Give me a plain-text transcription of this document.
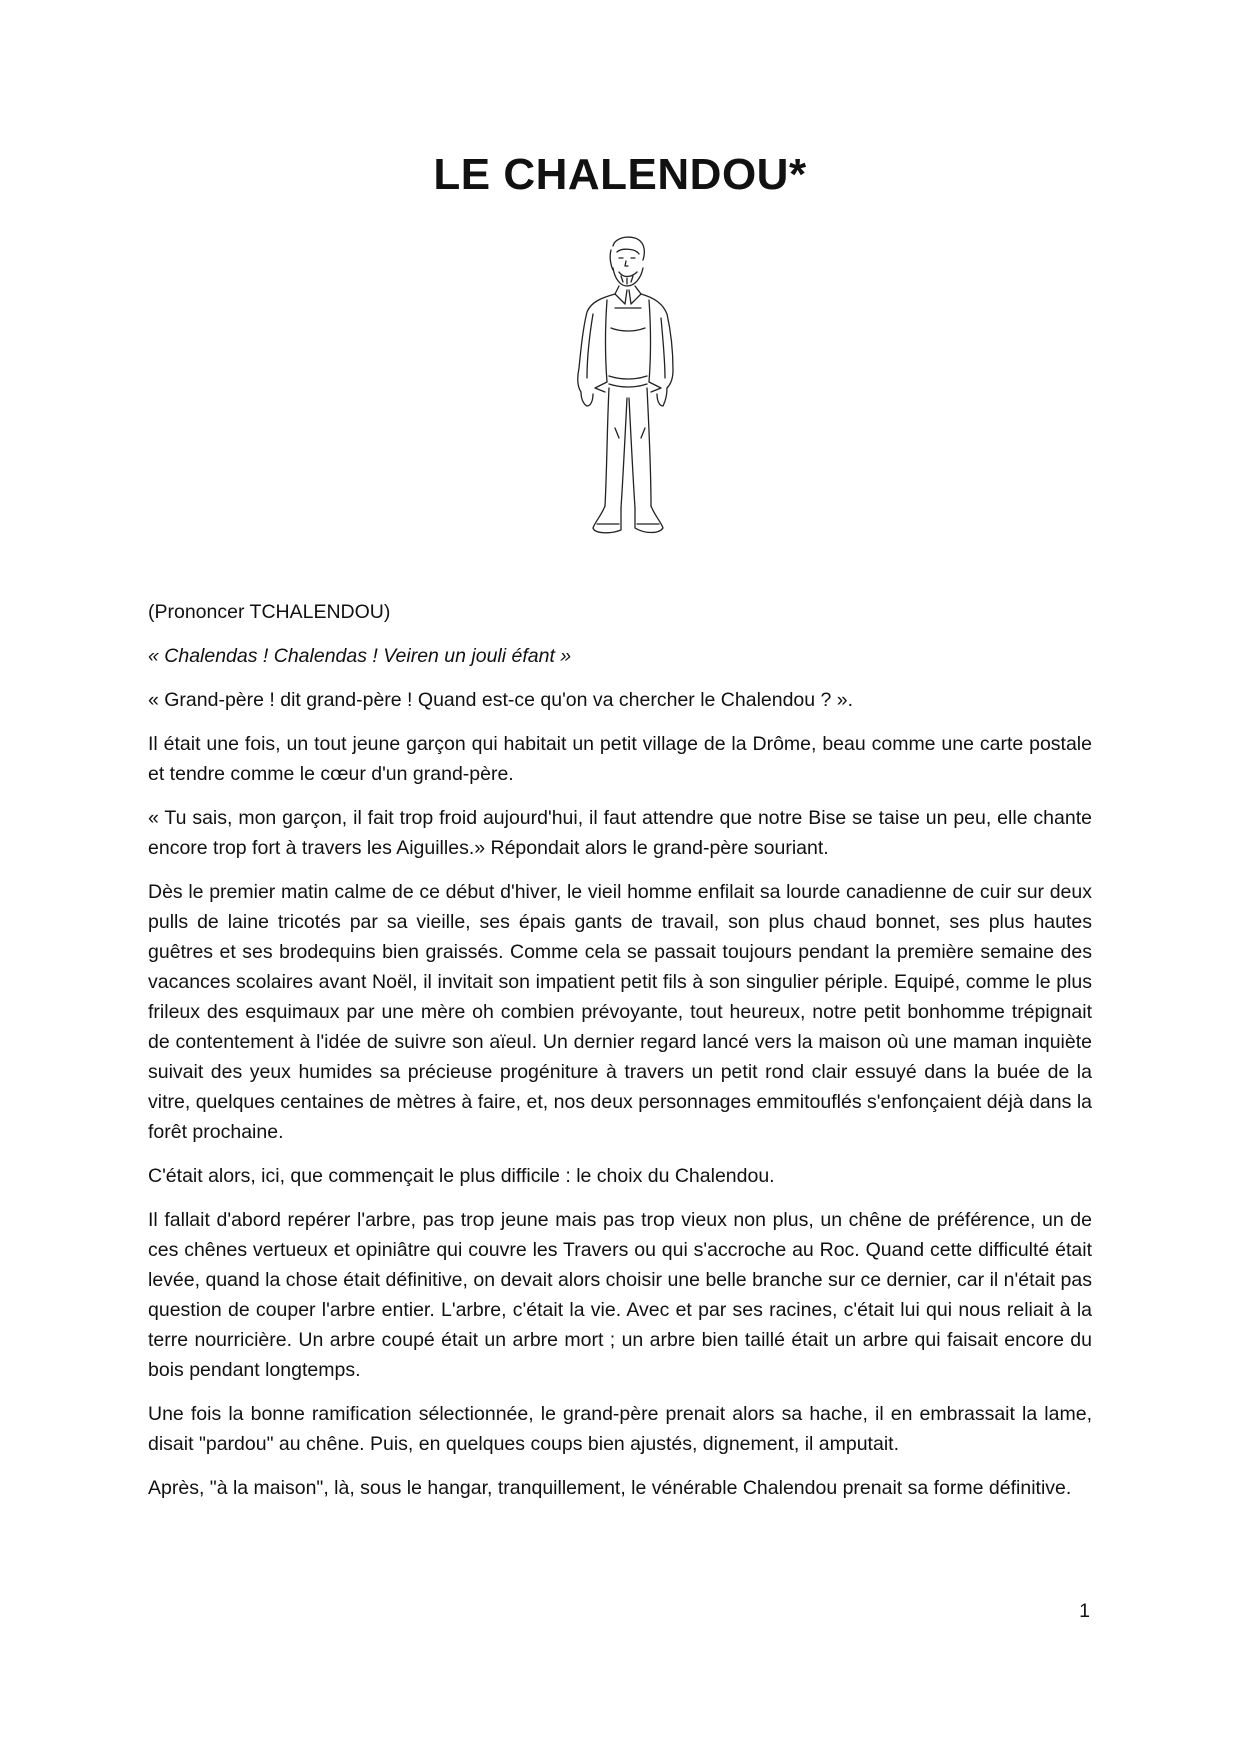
LE CHALENDOU*

(Prononcer TCHALENDOU)

« Chalendas ! Chalendas ! Veiren un jouli éfant »

« Grand-père ! dit grand-père ! Quand est-ce qu'on va chercher le Chalendou ? ».

Il était une fois, un tout jeune garçon qui habitait un petit village de la Drôme, beau comme une carte postale et tendre comme le cœur d'un grand-père.

« Tu sais, mon garçon, il fait trop froid aujourd'hui, il faut attendre que notre Bise se taise un peu, elle chante encore trop fort à travers les Aiguilles.» Répondait alors le grand-père souriant.

Dès le premier matin calme de ce début d'hiver, le vieil homme enfilait sa lourde canadienne de cuir sur deux pulls de laine tricotés par sa vieille, ses épais gants de travail, son plus chaud bonnet, ses plus hautes guêtres et ses brodequins bien graissés. Comme cela se passait toujours pendant la première semaine des vacances scolaires avant Noël, il invitait son impatient petit fils à son singulier périple. Equipé, comme le plus frileux des esquimaux par une mère oh combien prévoyante, tout heureux, notre petit bonhomme trépignait de contentement à l'idée de suivre son aïeul. Un dernier regard lancé vers la maison où une maman inquiète suivait des yeux humides sa précieuse progéniture à travers un petit rond clair essuyé dans la buée de la vitre, quelques centaines de mètres à faire, et, nos deux personnages emmitouflés s'enfonçaient déjà dans la forêt prochaine.

C'était alors, ici, que commençait le plus difficile : le choix du Chalendou.

Il fallait d'abord repérer l'arbre, pas trop jeune mais pas trop vieux non plus, un chêne de préférence, un de ces chênes vertueux et opiniâtre qui couvre les Travers ou qui s'accroche au Roc. Quand cette difficulté était levée, quand la chose était définitive, on devait alors choisir une belle branche sur ce dernier, car il n'était pas question de couper l'arbre entier. L'arbre, c'était la vie. Avec et par ses racines, c'était lui qui nous reliait à la terre nourricière. Un arbre coupé était un arbre mort ; un arbre bien taillé était un arbre qui faisait encore du bois pendant longtemps.

Une fois la bonne ramification sélectionnée, le grand-père prenait alors sa hache, il en embrassait la lame, disait "pardou" au chêne. Puis, en quelques coups bien ajustés, dignement, il amputait.

Après, "à la maison", là, sous le hangar, tranquillement, le vénérable Chalendou prenait sa forme définitive.

1
